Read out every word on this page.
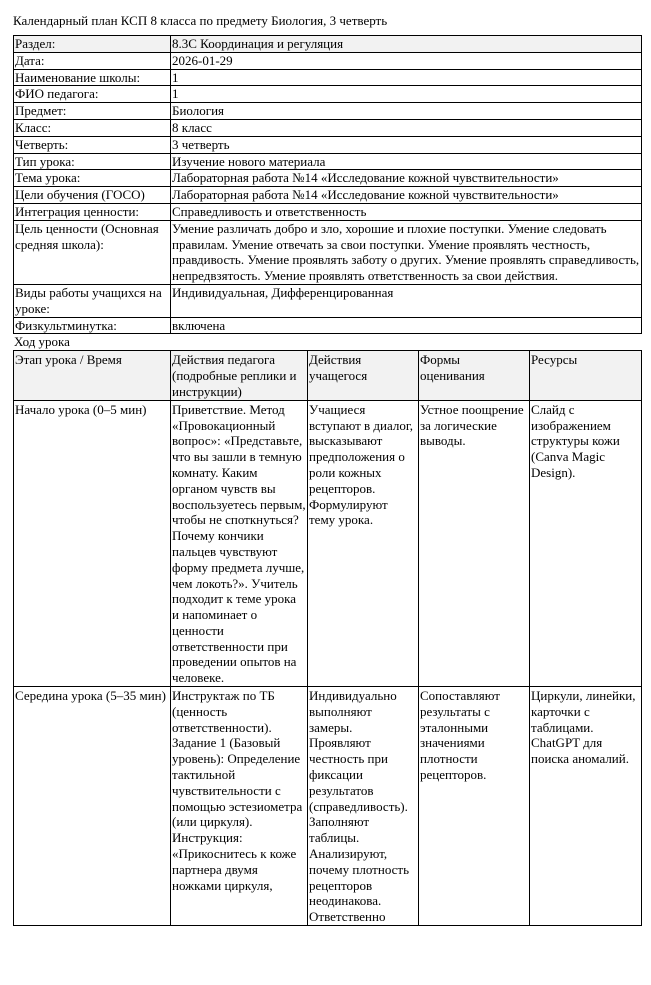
Календарный план КСП 8 класса по предмету Биология, 3 четверть
Раздел:	8.3С Координация и регуляция
Дата:	2026-01-29
Наименование школы:	1
ФИО педагога:	1
Предмет:	Биология
Класс:	8 класс
Четверть:	3 четверть
Тип урока:	Изучение нового материала
Тема урока:	Лабораторная работа №14 «Исследование кожной чувствительности»
Цели обучения (ГОСО)	Лабораторная работа №14 «Исследование кожной чувствительности»
Интеграция ценности:	Справедливость и ответственность
Цель ценности (Основная средняя школа):	Умение различать добро и зло, хорошие и плохие поступки. Умение следовать правилам. Умение отвечать за свои поступки. Умение проявлять честность, правдивость. Умение проявлять заботу о других. Умение проявлять справедливость, непредвзятость. Умение проявлять ответственность за свои действия.
Виды работы учащихся на уроке:	Индивидуальная, Дифференцированная
Физкультминутка:	включена
Ход урока
Этап урока / Время	Действия педагога (подробные реплики и инструкции)	Действия учащегося	Формы оценивания	Ресурсы
Начало урока (0–5 мин)	Приветствие. Метод «Провокационный вопрос»: «Представьте, что вы зашли в темную комнату. Каким органом чувств вы воспользуетесь первым, чтобы не споткнуться? Почему кончики пальцев чувствуют форму предмета лучше, чем локоть?». Учитель подходит к теме урока и напоминает о ценности ответственности при проведении опытов на человеке.	Учащиеся вступают в диалог, высказывают предположения о роли кожных рецепторов. Формулируют тему урока.	Устное поощрение за логические выводы.	Слайд с изображением структуры кожи (Canva Magic Design).
Середина урока (5–35 мин)	Инструктаж по ТБ (ценность ответственности). Задание 1 (Базовый уровень): Определение тактильной чувствительности с помощью эстезиометра (или циркуля). Инструкция: «Прикоснитесь к коже партнера двумя ножками циркуля,	Индивидуально выполняют замеры. Проявляют честность при фиксации результатов (справедливость). Заполняют таблицы. Анализируют, почему плотность рецепторов неодинакова. Ответственно	Сопоставляют результаты с эталонными значениями плотности рецепторов.	Циркули, линейки, карточки с таблицами. ChatGPT для поиска аномалий.
